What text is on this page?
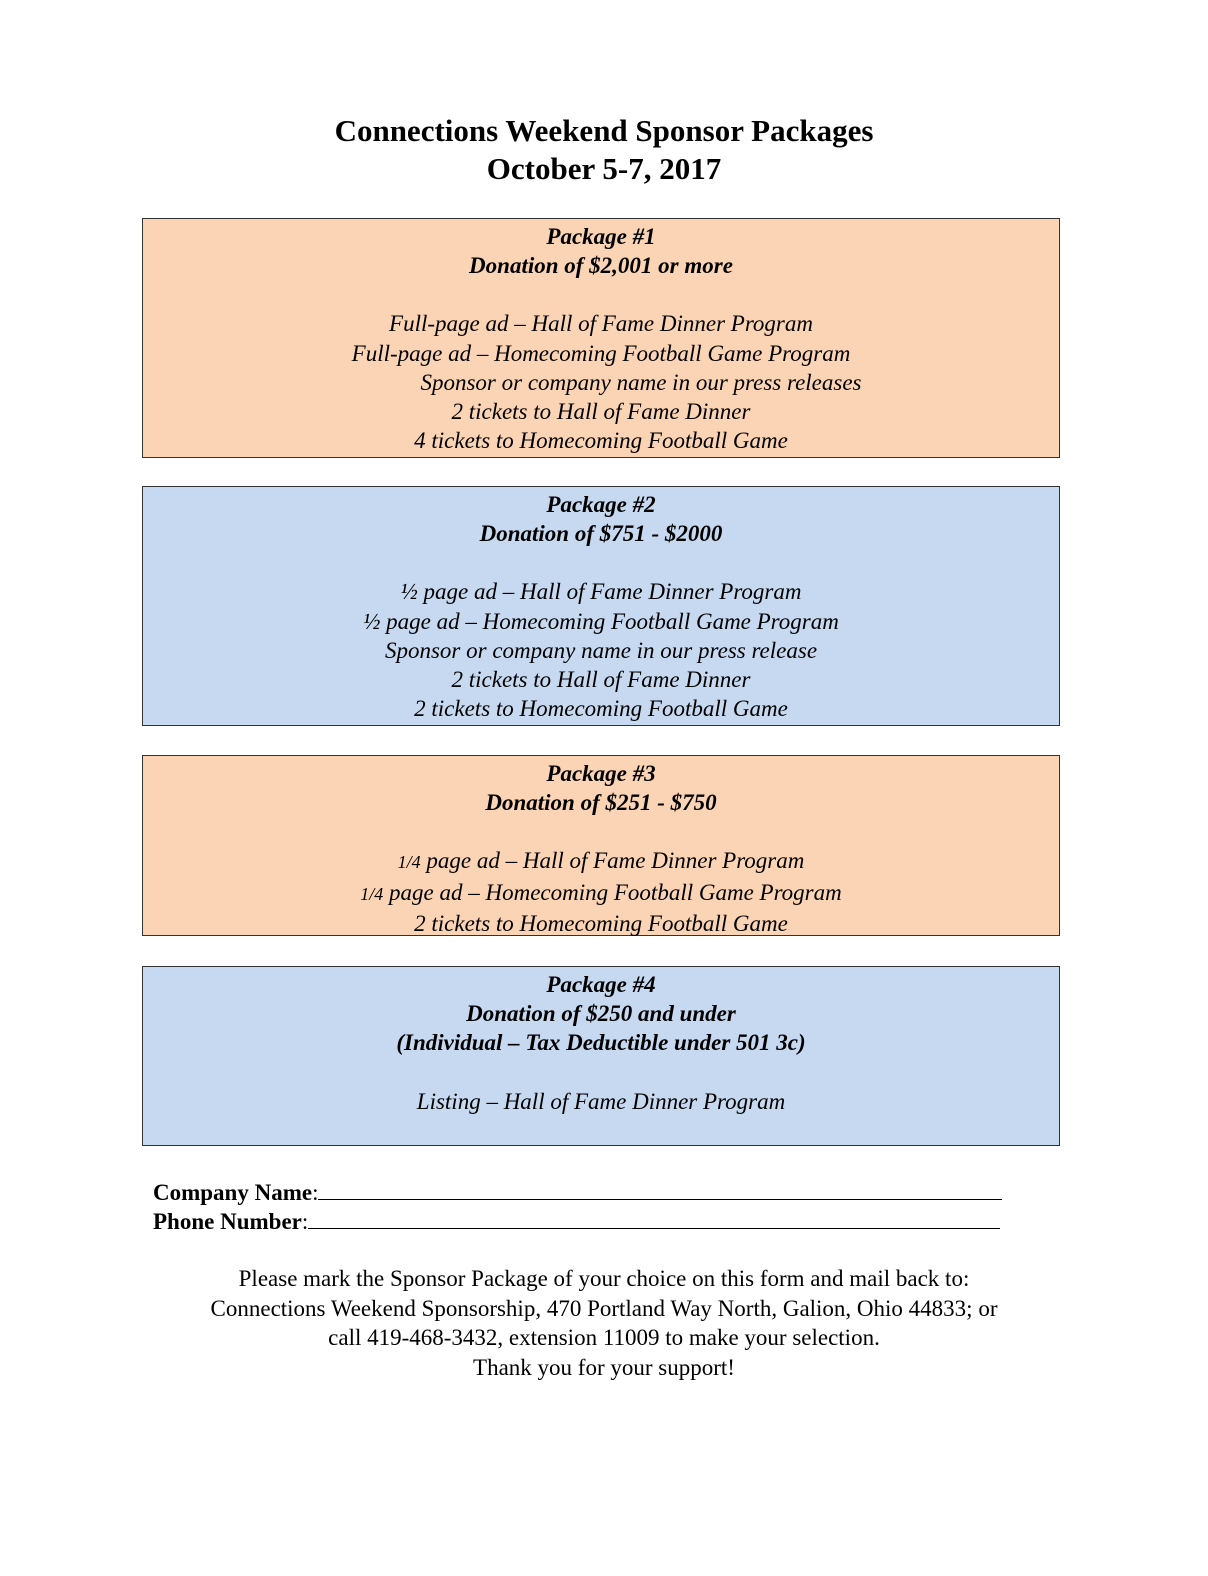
Connections Weekend Sponsor Packages
October 5-7, 2017
Package #1
Donation of $2,001 or more
Full-page ad – Hall of Fame Dinner Program
Full-page ad – Homecoming Football Game Program
Sponsor or company name in our press releases
2 tickets to Hall of Fame Dinner
4 tickets to Homecoming Football Game
Package #2
Donation of $751 - $2000
½ page ad – Hall of Fame Dinner Program
½ page ad – Homecoming Football Game Program
Sponsor or company name in our press release
2 tickets to Hall of Fame Dinner
2 tickets to Homecoming Football Game
Package #3
Donation of $251 - $750
1/4 page ad – Hall of Fame Dinner Program
1/4 page ad – Homecoming Football Game Program
2 tickets to Homecoming Football Game
Package #4
Donation of $250 and under
(Individual – Tax Deductible under 501 3c)
Listing – Hall of Fame Dinner Program
Company Name:
Phone Number:
Please mark the Sponsor Package of your choice on this form and mail back to:
Connections Weekend Sponsorship, 470 Portland Way North, Galion, Ohio 44833; or
call 419-468-3432, extension 11009 to make your selection.
Thank you for your support!
